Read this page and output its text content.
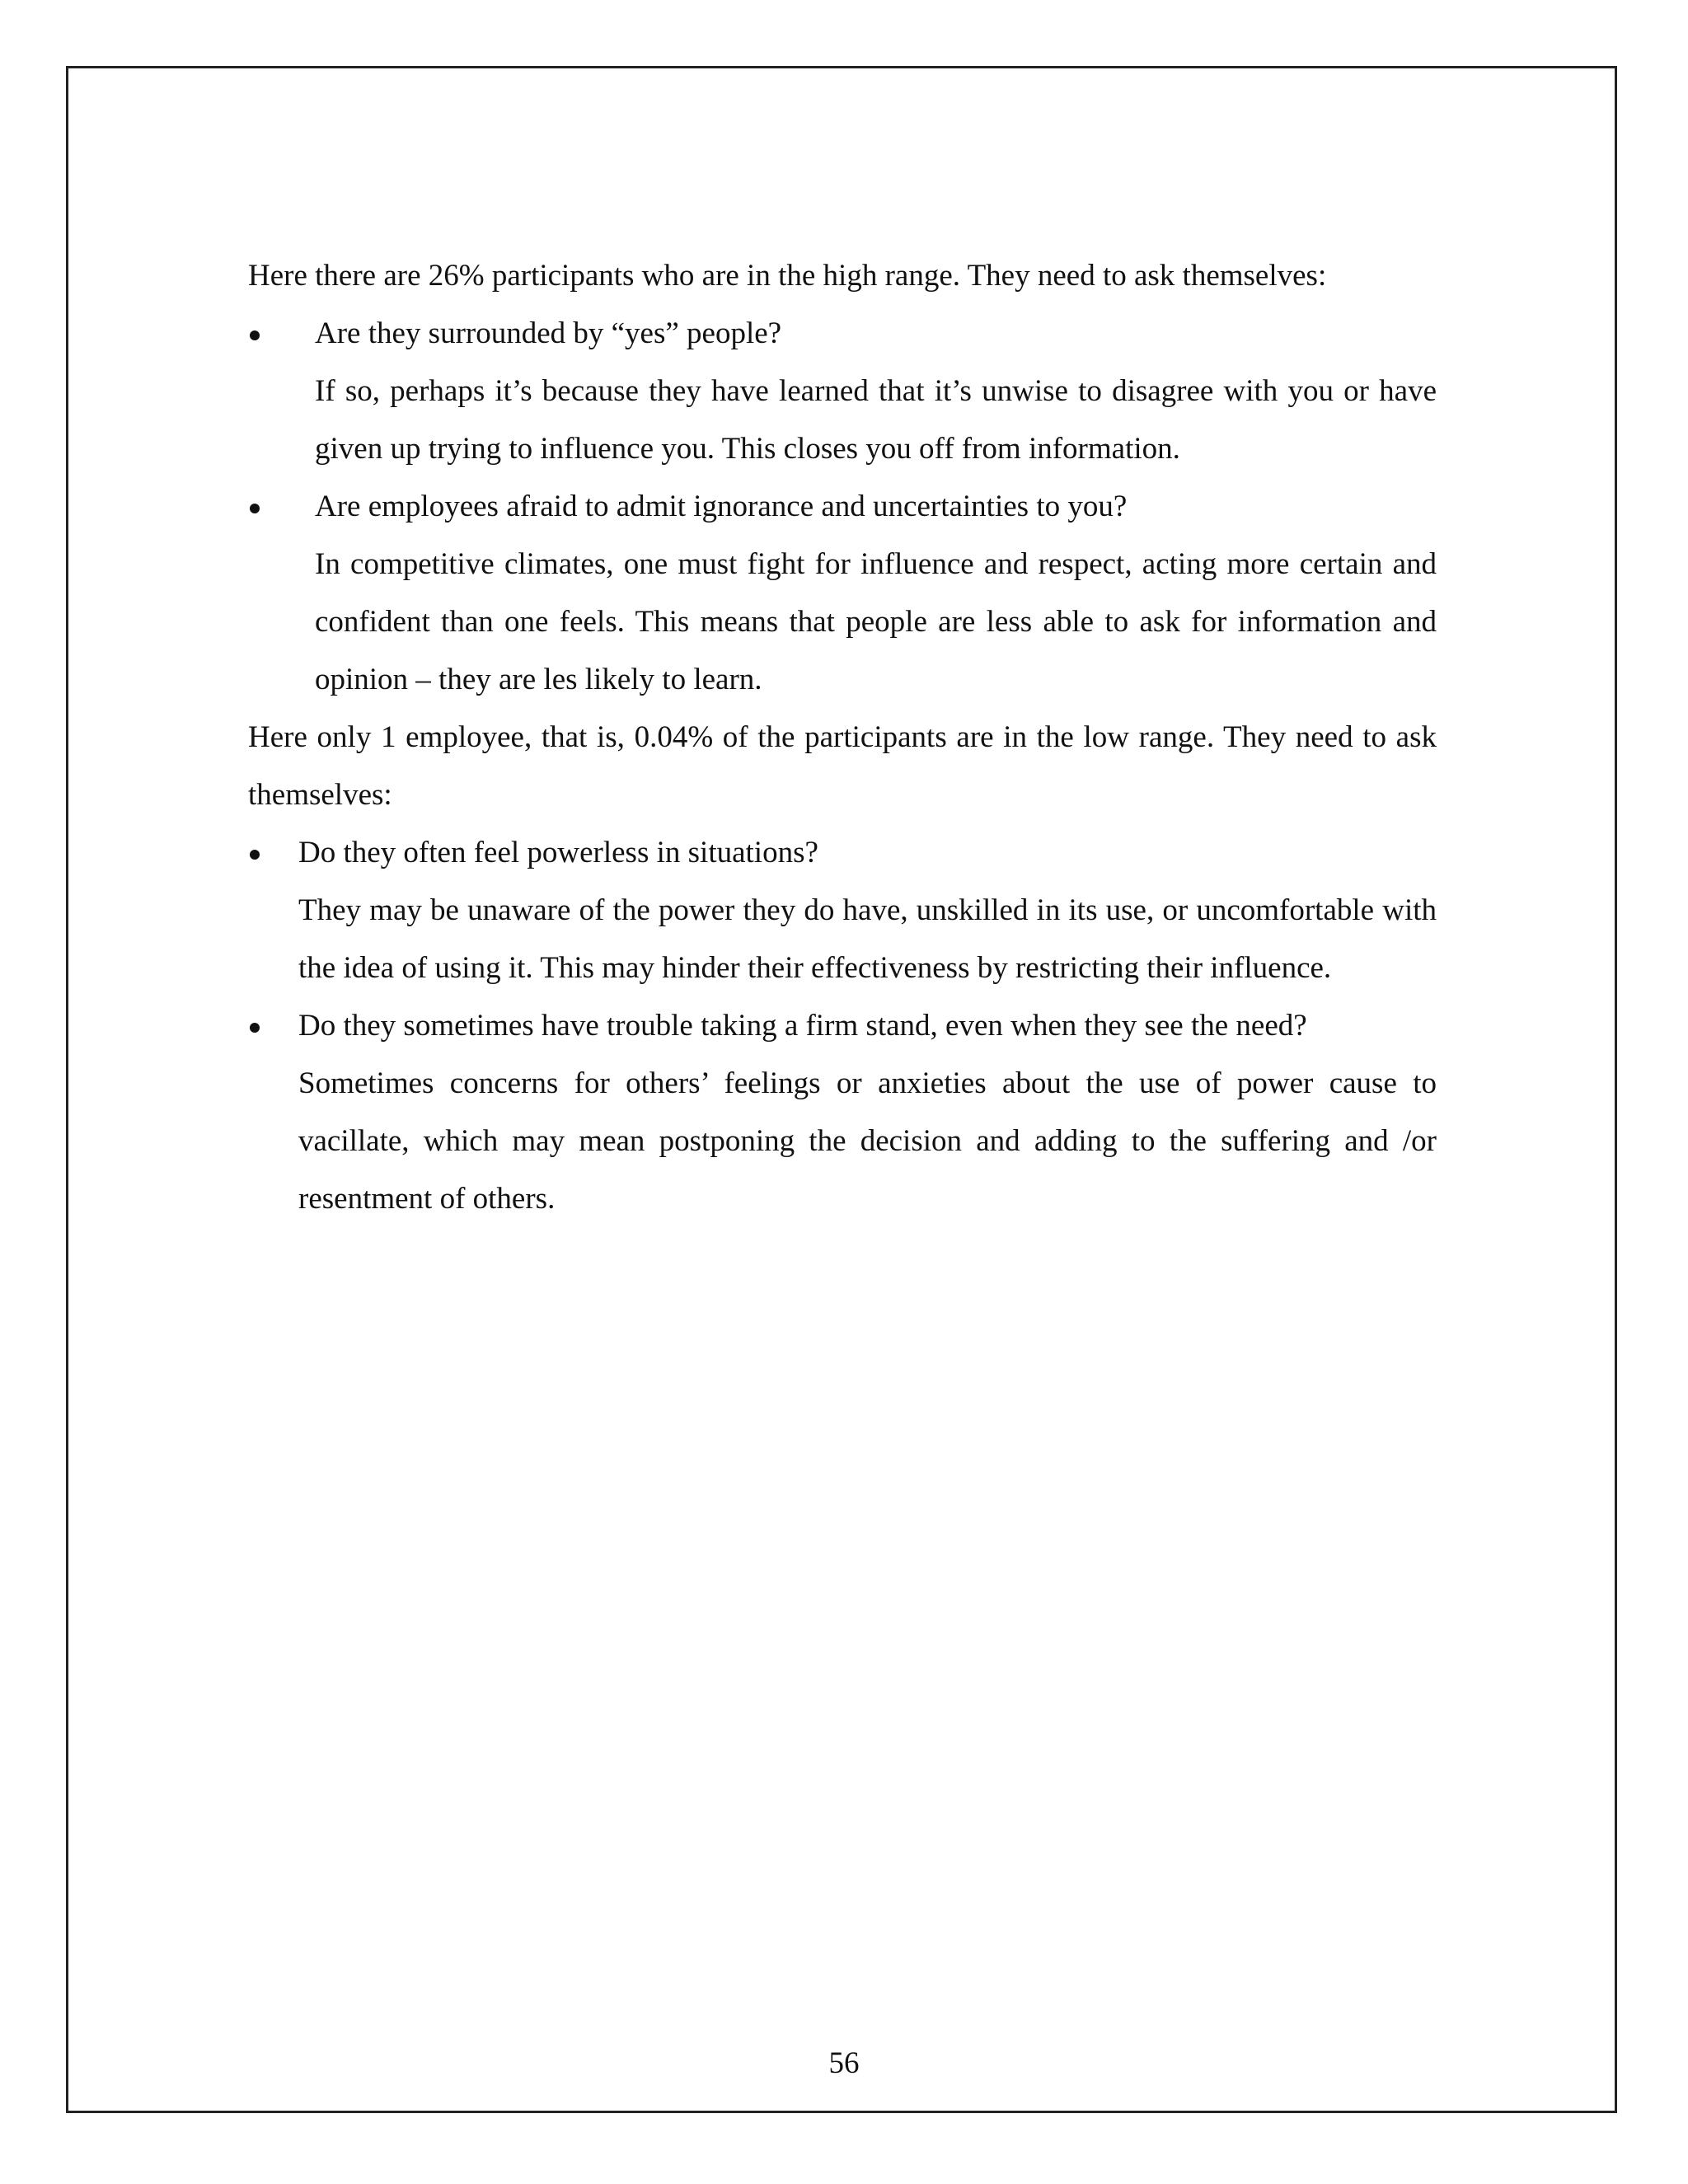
Here there are 26% participants who are in the high range. They need to ask themselves:

Are they surrounded by “yes” people?

If so, perhaps it’s because they have learned that it’s unwise to disagree with you or have given up trying to influence you. This closes you off from information.

Are employees afraid to admit ignorance and uncertainties to you?

In competitive climates, one must fight for influence and respect, acting more certain and confident than one feels. This means that people are less able to ask for information and opinion – they are les likely to learn.

Here only 1 employee, that is, 0.04% of the participants are in the low range. They need to ask themselves:

Do they often feel powerless in situations?

They may be unaware of the power they do have, unskilled in its use, or uncomfortable with the idea of using it. This may hinder their effectiveness by restricting their influence.

Do they sometimes have trouble taking a firm stand, even when they see the need?

Sometimes concerns for others’ feelings or anxieties about the use of power cause to vacillate, which may mean postponing the decision and adding to the suffering and /or resentment of others.

56
